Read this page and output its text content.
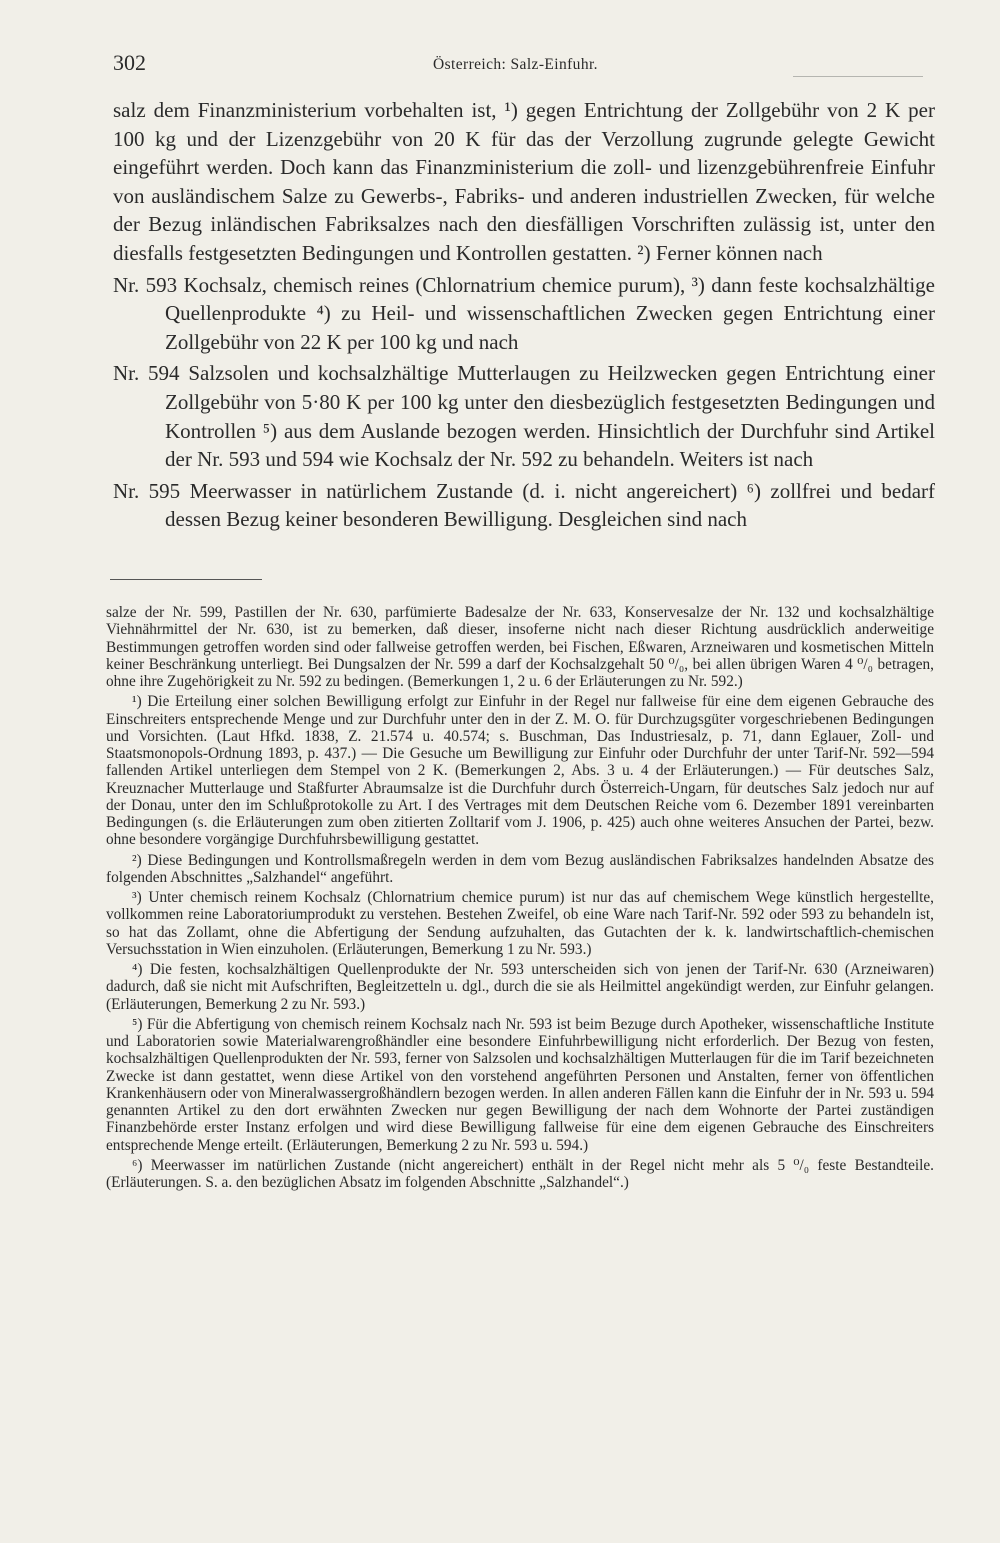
302	Österreich: Salz-Einfuhr.

salz dem Finanzministerium vorbehalten ist, ¹) gegen Entrichtung der Zollgebühr von 2 K per 100 kg und der Lizenzgebühr von 20 K für das der Verzollung zugrunde gelegte Gewicht eingeführt werden. Doch kann das Finanzministerium die zoll- und lizenzgebührenfreie Einfuhr von ausländischem Salze zu Gewerbs-, Fabriks- und anderen industriellen Zwecken, für welche der Bezug inländischen Fabriksalzes nach den diesfälligen Vorschriften zulässig ist, unter den diesfalls festgesetzten Bedingungen und Kontrollen gestatten. ²) Ferner können nach

Nr. 593 Kochsalz, chemisch reines (Chlornatrium chemice purum), ³) dann feste kochsalzhältige Quellenprodukte ⁴) zu Heil- und wissenschaftlichen Zwecken gegen Entrichtung einer Zollgebühr von 22 K per 100 kg und nach

Nr. 594 Salzsolen und kochsalzhältige Mutterlaugen zu Heilzwecken gegen Entrichtung einer Zollgebühr von 5·80 K per 100 kg unter den diesbezüglich festgesetzten Bedingungen und Kontrollen ⁵) aus dem Auslande bezogen werden. Hinsichtlich der Durchfuhr sind Artikel der Nr. 593 und 594 wie Kochsalz der Nr. 592 zu behandeln. Weiters ist nach

Nr. 595 Meerwasser in natürlichem Zustande (d. i. nicht angereichert) ⁶) zollfrei und bedarf dessen Bezug keiner besonderen Bewilligung. Desgleichen sind nach

salze der Nr. 599, Pastillen der Nr. 630, parfümierte Badesalze der Nr. 633, Konservesalze der Nr. 132 und kochsalzhältige Viehnährmittel der Nr. 630, ist zu bemerken, daß dieser, insoferne nicht nach dieser Richtung ausdrücklich anderweitige Bestimmungen getroffen worden sind oder fallweise getroffen werden, bei Fischen, Eßwaren, Arzneiwaren und kosmetischen Mitteln keiner Beschränkung unterliegt. Bei Dungsalzen der Nr. 599 a darf der Kochsalzgehalt 50 ⁰/₀, bei allen übrigen Waren 4 ⁰/₀ betragen, ohne ihre Zugehörigkeit zu Nr. 592 zu bedingen. (Bemerkungen 1, 2 u. 6 der Erläuterungen zu Nr. 592.)

¹) Die Erteilung einer solchen Bewilligung erfolgt zur Einfuhr in der Regel nur fallweise für eine dem eigenen Gebrauche des Einschreiters entsprechende Menge und zur Durchfuhr unter den in der Z. M. O. für Durchzugsgüter vorgeschriebenen Bedingungen und Vorsichten. (Laut Hfkd. 1838, Z. 21.574 u. 40.574; s. Buschman, Das Industriesalz, p. 71, dann Eglauer, Zoll- und Staatsmonopols-Ordnung 1893, p. 437.) — Die Gesuche um Bewilligung zur Einfuhr oder Durchfuhr der unter Tarif-Nr. 592—594 fallenden Artikel unterliegen dem Stempel von 2 K. (Bemerkungen 2, Abs. 3 u. 4 der Erläuterungen.) — Für deutsches Salz, Kreuznacher Mutterlauge und Staßfurter Abraumsalze ist die Durchfuhr durch Österreich-Ungarn, für deutsches Salz jedoch nur auf der Donau, unter den im Schlußprotokolle zu Art. I des Vertrages mit dem Deutschen Reiche vom 6. Dezember 1891 vereinbarten Bedingungen (s. die Erläuterungen zum oben zitierten Zolltarif vom J. 1906, p. 425) auch ohne weiteres Ansuchen der Partei, bezw. ohne besondere vorgängige Durchfuhrsbewilligung gestattet.

²) Diese Bedingungen und Kontrollsmaßregeln werden in dem vom Bezug ausländischen Fabriksalzes handelnden Absatze des folgenden Abschnittes „Salzhandel“ angeführt.

³) Unter chemisch reinem Kochsalz (Chlornatrium chemice purum) ist nur das auf chemischem Wege künstlich hergestellte, vollkommen reine Laboratoriumprodukt zu verstehen. Bestehen Zweifel, ob eine Ware nach Tarif-Nr. 592 oder 593 zu behandeln ist, so hat das Zollamt, ohne die Abfertigung der Sendung aufzuhalten, das Gutachten der k. k. landwirtschaftlich-chemischen Versuchsstation in Wien einzuholen. (Erläuterungen, Bemerkung 1 zu Nr. 593.)

⁴) Die festen, kochsalzhältigen Quellenprodukte der Nr. 593 unterscheiden sich von jenen der Tarif-Nr. 630 (Arzneiwaren) dadurch, daß sie nicht mit Aufschriften, Begleitzetteln u. dgl., durch die sie als Heilmittel angekündigt werden, zur Einfuhr gelangen. (Erläuterungen, Bemerkung 2 zu Nr. 593.)

⁵) Für die Abfertigung von chemisch reinem Kochsalz nach Nr. 593 ist beim Bezuge durch Apotheker, wissenschaftliche Institute und Laboratorien sowie Materialwarengroßhändler eine besondere Einfuhrbewilligung nicht erforderlich. Der Bezug von festen, kochsalzhältigen Quellenprodukten der Nr. 593, ferner von Salzsolen und kochsalzhältigen Mutterlaugen für die im Tarif bezeichneten Zwecke ist dann gestattet, wenn diese Artikel von den vorstehend angeführten Personen und Anstalten, ferner von öffentlichen Krankenhäusern oder von Mineralwassergroßhändlern bezogen werden. In allen anderen Fällen kann die Einfuhr der in Nr. 593 u. 594 genannten Artikel zu den dort erwähnten Zwecken nur gegen Bewilligung der nach dem Wohnorte der Partei zuständigen Finanzbehörde erster Instanz erfolgen und wird diese Bewilligung fallweise für eine dem eigenen Gebrauche des Einschreiters entsprechende Menge erteilt. (Erläuterungen, Bemerkung 2 zu Nr. 593 u. 594.)

⁶) Meerwasser im natürlichen Zustande (nicht angereichert) enthält in der Regel nicht mehr als 5 ⁰/₀ feste Bestandteile. (Erläuterungen. S. a. den bezüglichen Absatz im folgenden Abschnitte „Salzhandel“.)
